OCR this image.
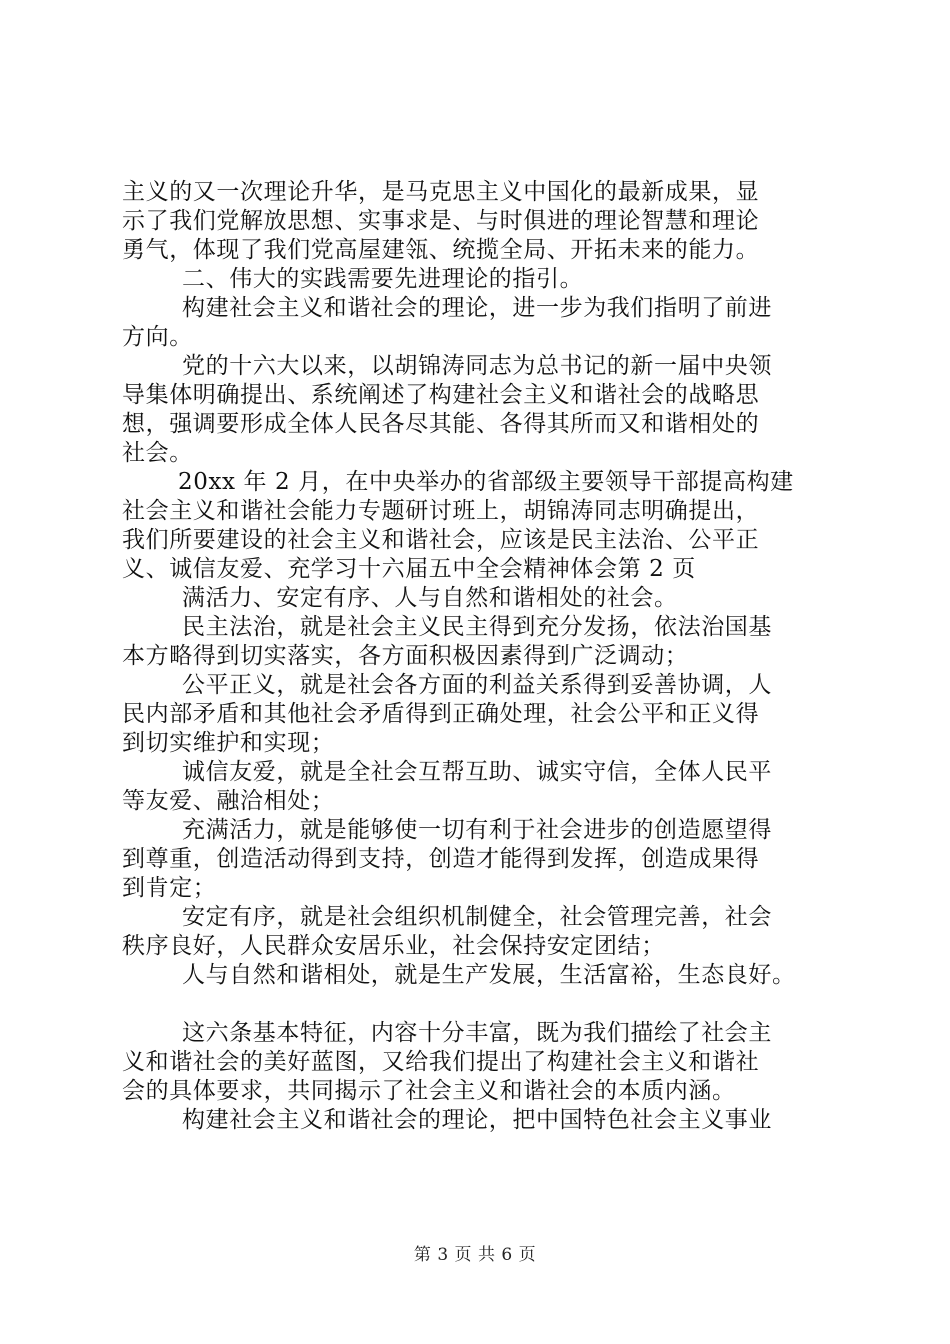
主义的又一次理论升华，是马克思主义中国化的最新成果，显
示了我们党解放思想、实事求是、与时俱进的理论智慧和理论
勇气，体现了我们党高屋建瓴、统揽全局、开拓未来的能力。
二、伟大的实践需要先进理论的指引。
构建社会主义和谐社会的理论，进一步为我们指明了前进
方向。
党的十六大以来，以胡锦涛同志为总书记的新一届中央领
导集体明确提出、系统阐述了构建社会主义和谐社会的战略思
想，强调要形成全体人民各尽其能、各得其所而又和谐相处的
社会。
20xx 年 2 月，在中央举办的省部级主要领导干部提高构建
社会主义和谐社会能力专题研讨班上，胡锦涛同志明确提出，
我们所要建设的社会主义和谐社会，应该是民主法治、公平正
义、诚信友爱、充学习十六届五中全会精神体会第 2 页
满活力、安定有序、人与自然和谐相处的社会。
民主法治，就是社会主义民主得到充分发扬，依法治国基
本方略得到切实落实，各方面积极因素得到广泛调动；
公平正义，就是社会各方面的利益关系得到妥善协调，人
民内部矛盾和其他社会矛盾得到正确处理，社会公平和正义得
到切实维护和实现；
诚信友爱，就是全社会互帮互助、诚实守信，全体人民平
等友爱、融洽相处；
充满活力，就是能够使一切有利于社会进步的创造愿望得
到尊重，创造活动得到支持，创造才能得到发挥，创造成果得
到肯定；
安定有序，就是社会组织机制健全，社会管理完善，社会
秩序良好，人民群众安居乐业，社会保持安定团结；
人与自然和谐相处，就是生产发展，生活富裕，生态良好。
这六条基本特征，内容十分丰富，既为我们描绘了社会主
义和谐社会的美好蓝图，又给我们提出了构建社会主义和谐社
会的具体要求，共同揭示了社会主义和谐社会的本质内涵。
构建社会主义和谐社会的理论，把中国特色社会主义事业
第 3 页 共 6 页
